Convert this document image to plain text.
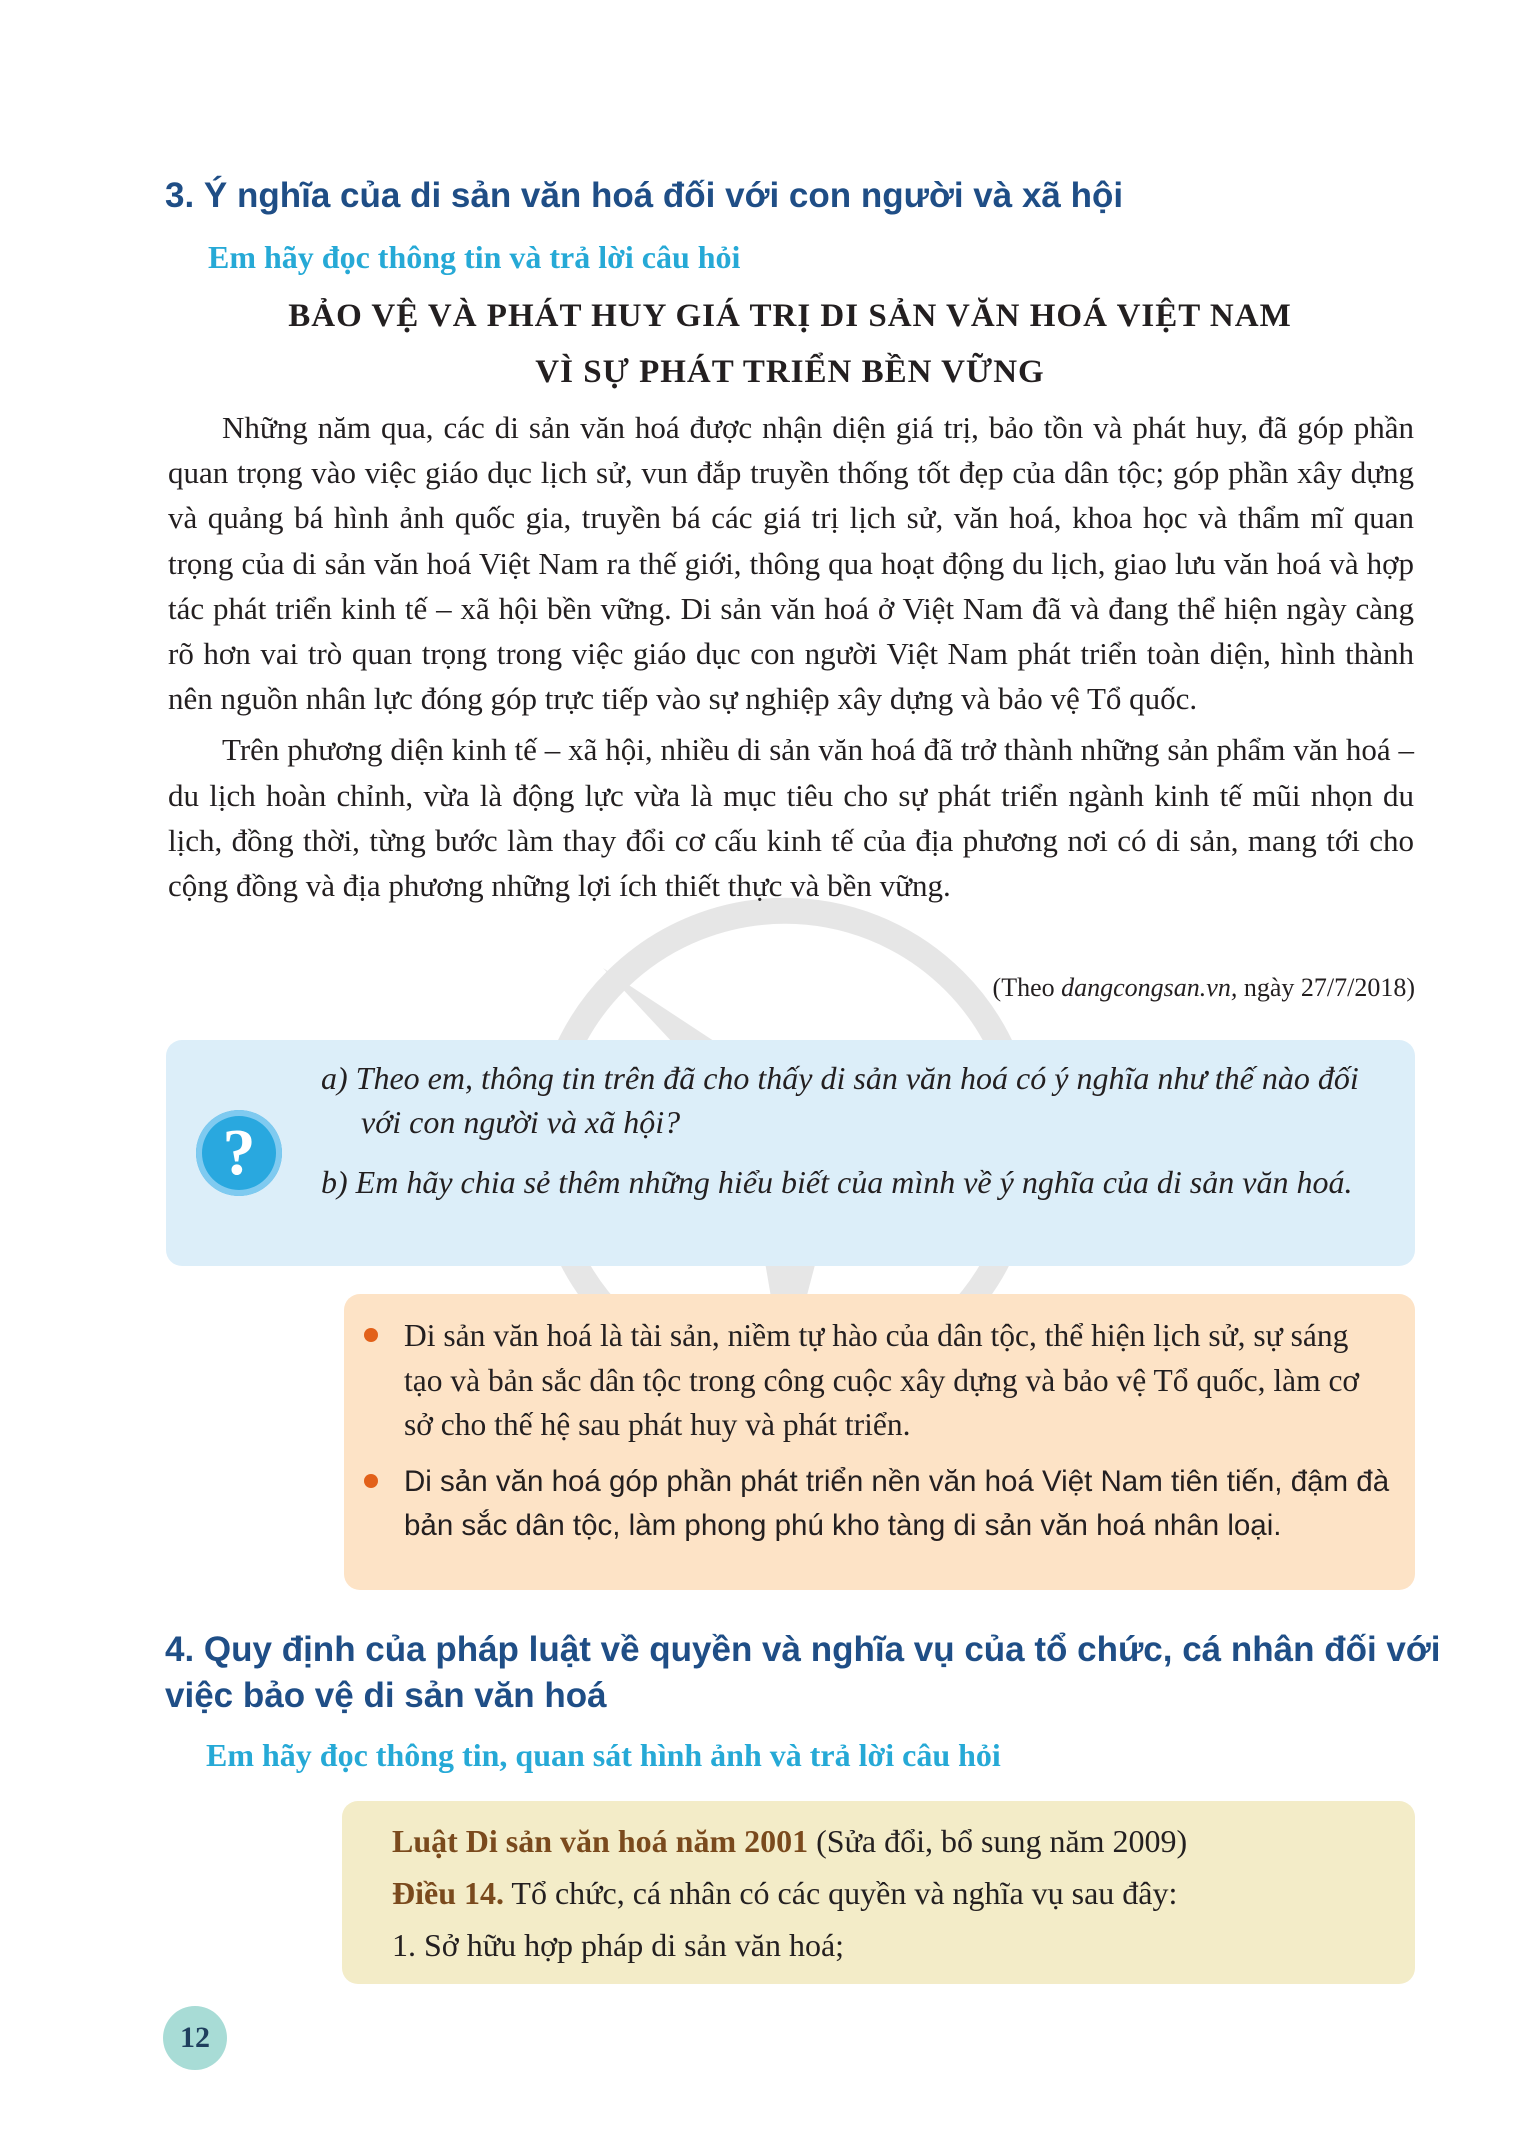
3. Ý nghĩa của di sản văn hoá đối với con người và xã hội
Em hãy đọc thông tin và trả lời câu hỏi
BẢO VỆ VÀ PHÁT HUY GIÁ TRỊ DI SẢN VĂN HOÁ VIỆT NAM
VÌ SỰ PHÁT TRIỂN BỀN VỮNG

Những năm qua, các di sản văn hoá được nhận diện giá trị, bảo tồn và phát huy, đã góp phần quan trọng vào việc giáo dục lịch sử, vun đắp truyền thống tốt đẹp của dân tộc; góp phần xây dựng và quảng bá hình ảnh quốc gia, truyền bá các giá trị lịch sử, văn hoá, khoa học và thẩm mĩ quan trọng của di sản văn hoá Việt Nam ra thế giới, thông qua hoạt động du lịch, giao lưu văn hoá và hợp tác phát triển kinh tế – xã hội bền vững. Di sản văn hoá ở Việt Nam đã và đang thể hiện ngày càng rõ hơn vai trò quan trọng trong việc giáo dục con người Việt Nam phát triển toàn diện, hình thành nên nguồn nhân lực đóng góp trực tiếp vào sự nghiệp xây dựng và bảo vệ Tổ quốc.

Trên phương diện kinh tế – xã hội, nhiều di sản văn hoá đã trở thành những sản phẩm văn hoá – du lịch hoàn chỉnh, vừa là động lực vừa là mục tiêu cho sự phát triển ngành kinh tế mũi nhọn du lịch, đồng thời, từng bước làm thay đổi cơ cấu kinh tế của địa phương nơi có di sản, mang tới cho cộng đồng và địa phương những lợi ích thiết thực và bền vững.

(Theo dangcongsan.vn, ngày 27/7/2018)
?
a) Theo em, thông tin trên đã cho thấy di sản văn hoá có ý nghĩa như thế nào đối với con người và xã hội?
b) Em hãy chia sẻ thêm những hiểu biết của mình về ý nghĩa của di sản văn hoá.
Di sản văn hoá là tài sản, niềm tự hào của dân tộc, thể hiện lịch sử, sự sáng tạo và bản sắc dân tộc trong công cuộc xây dựng và bảo vệ Tổ quốc, làm cơ sở cho thế hệ sau phát huy và phát triển.
Di sản văn hoá góp phần phát triển nền văn hoá Việt Nam tiên tiến, đậm đà bản sắc dân tộc, làm phong phú kho tàng di sản văn hoá nhân loại.
4. Quy định của pháp luật về quyền và nghĩa vụ của tổ chức, cá nhân đối với
việc bảo vệ di sản văn hoá
Em hãy đọc thông tin, quan sát hình ảnh và trả lời câu hỏi
Luật Di sản văn hoá năm 2001 (Sửa đổi, bổ sung năm 2009)
Điều 14. Tổ chức, cá nhân có các quyền và nghĩa vụ sau đây:
1. Sở hữu hợp pháp di sản văn hoá;
12
